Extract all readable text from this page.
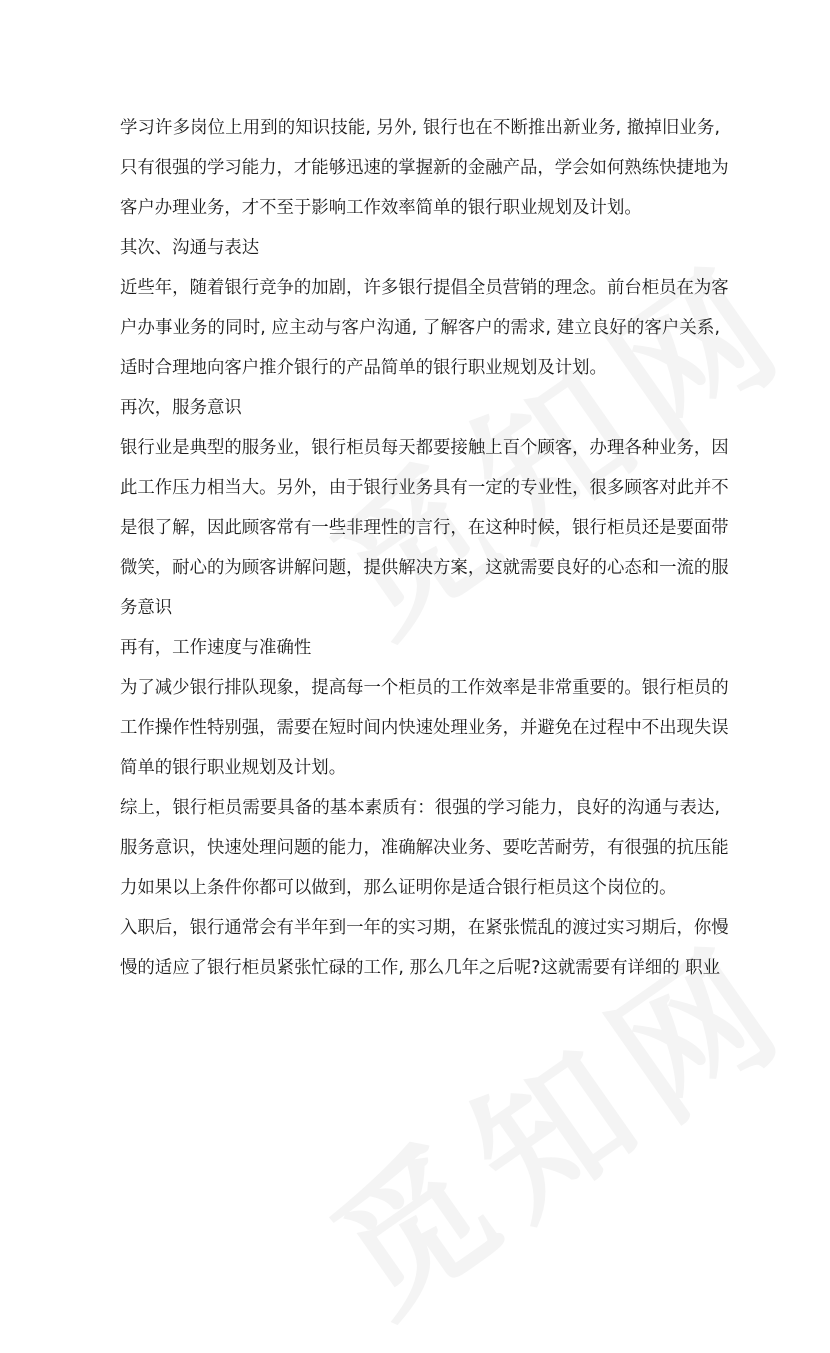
学习许多岗位上用到的知识技能, 另外, 银行也在不断推出新业务, 撤掉旧业务,
只有很强的学习能力，才能够迅速的掌握新的金融产品，学会如何熟练快捷地为
客户办理业务，才不至于影响工作效率简单的银行职业规划及计划。
其次、沟通与表达
近些年，随着银行竞争的加剧，许多银行提倡全员营销的理念。前台柜员在为客
户办事业务的同时, 应主动与客户沟通, 了解客户的需求, 建立良好的客户关系,
适时合理地向客户推介银行的产品简单的银行职业规划及计划。
再次，服务意识
银行业是典型的服务业，银行柜员每天都要接触上百个顾客，办理各种业务，因
此工作压力相当大。另外，由于银行业务具有一定的专业性，很多顾客对此并不
是很了解，因此顾客常有一些非理性的言行，在这种时候，银行柜员还是要面带
微笑，耐心的为顾客讲解问题，提供解决方案，这就需要良好的心态和一流的服
务意识
再有，工作速度与准确性
为了减少银行排队现象，提高每一个柜员的工作效率是非常重要的。银行柜员的
工作操作性特别强，需要在短时间内快速处理业务，并避免在过程中不出现失误
简单的银行职业规划及计划。
综上，银行柜员需要具备的基本素质有：很强的学习能力，良好的沟通与表达,
服务意识，快速处理问题的能力，准确解决业务、要吃苦耐劳，有很强的抗压能
力如果以上条件你都可以做到，那么证明你是适合银行柜员这个岗位的。
入职后，银行通常会有半年到一年的实习期，在紧张慌乱的渡过实习期后，你慢
慢的适应了银行柜员紧张忙碌的工作, 那么几年之后呢?这就需要有详细的 职业
